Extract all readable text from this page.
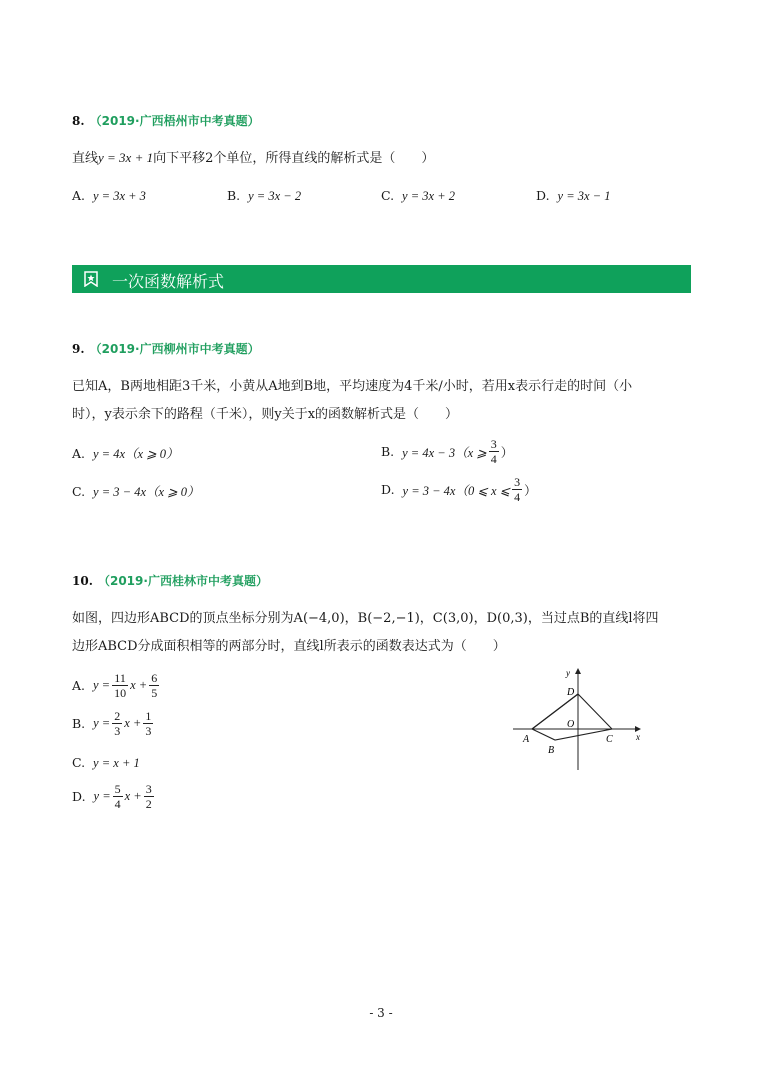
8. （2019·广西梧州市中考真题）
直线y = 3x + 1向下平移2个单位，所得直线的解析式是（　　）
A. y = 3x + 3	B. y = 3x − 2	C. y = 3x + 2	D. y = 3x − 1
一次函数解析式
9. （2019·广西柳州市中考真题）
已知A，B两地相距3千米，小黄从A地到B地，平均速度为4千米/小时，若用x表示行走的时间（小
时），y表示余下的路程（千米），则y关于x的函数解析式是（　　）
A. y = 4x（x ⩾ 0）	B.
y = 4x − 3（x ⩾ $\frac{3}{4}$ ）
C. y = 3 − 4x（x ⩾ 0）	D.
y = 3 − 4x（0 ⩽ x ⩽ $\frac{3}{4}$ ）
10. （2019·广西桂林市中考真题）
如图，四边形ABCD的顶点坐标分别为A(−4,0)，B(−2,−1)，C(3,0)，D(0,3)，当过点B的直线l将四
边形ABCD分成面积相等的两部分时，直线l所表示的函数表达式为（　　）
A.
$y = \frac{11}{10}$ $x + \frac{6}{5}$
B.
$y = \frac{2}{3}$ $x + \frac{1}{3}$
C. y = x + 1
D.
$y = \frac{5}{4}$ $x + \frac{3}{2}$
y
x
D
O
A
B
C
- 3 -
